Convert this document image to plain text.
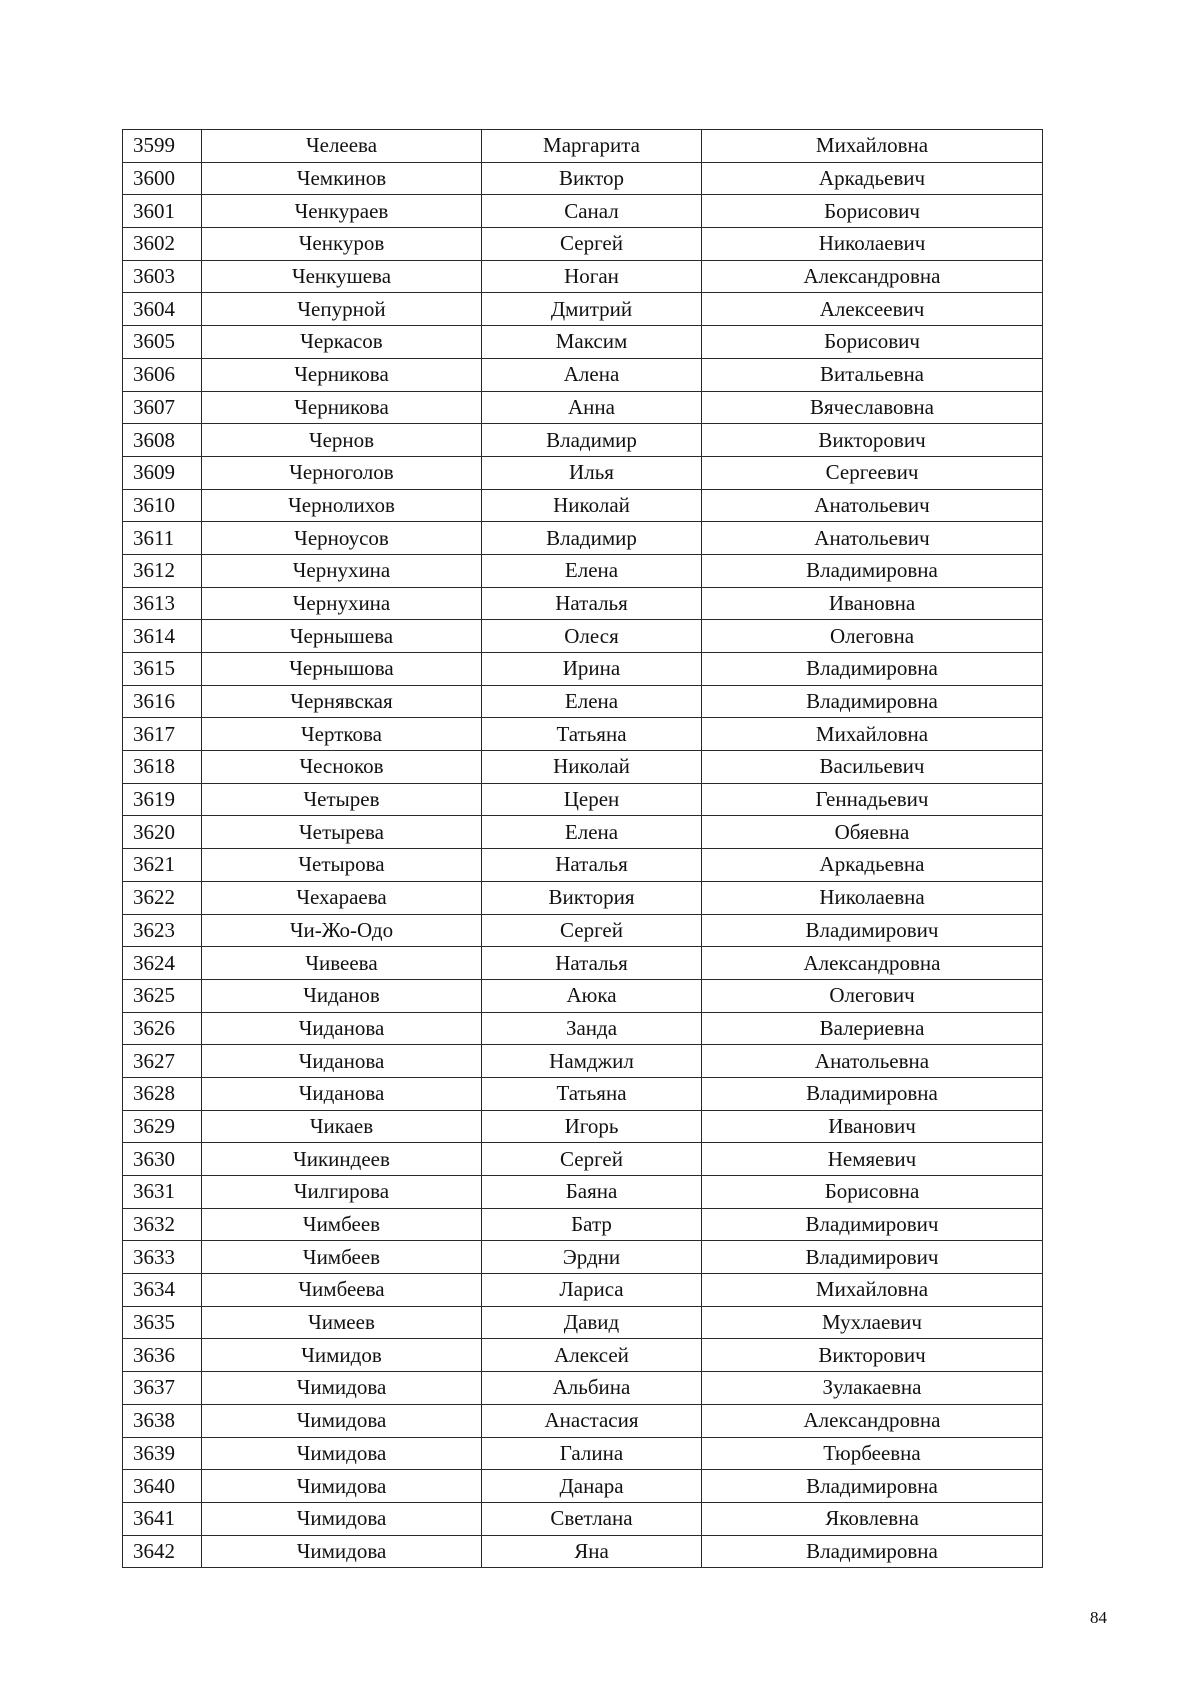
3599	Челеева	Маргарита	Михайловна
3600	Чемкинов	Виктор	Аркадьевич
3601	Ченкураев	Санал	Борисович
3602	Ченкуров	Сергей	Николаевич
3603	Ченкушева	Ноган	Александровна
3604	Чепурной	Дмитрий	Алексеевич
3605	Черкасов	Максим	Борисович
3606	Черникова	Алена	Витальевна
3607	Черникова	Анна	Вячеславовна
3608	Чернов	Владимир	Викторович
3609	Черноголов	Илья	Сергеевич
3610	Чернолихов	Николай	Анатольевич
3611	Черноусов	Владимир	Анатольевич
3612	Чернухина	Елена	Владимировна
3613	Чернухина	Наталья	Ивановна
3614	Чернышева	Олеся	Олеговна
3615	Чернышова	Ирина	Владимировна
3616	Чернявская	Елена	Владимировна
3617	Черткова	Татьяна	Михайловна
3618	Чесноков	Николай	Васильевич
3619	Четырев	Церен	Геннадьевич
3620	Четырева	Елена	Обяевна
3621	Четырова	Наталья	Аркадьевна
3622	Чехараева	Виктория	Николаевна
3623	Чи-Жо-Одо	Сергей	Владимирович
3624	Чивеева	Наталья	Александровна
3625	Чиданов	Аюка	Олегович
3626	Чиданова	Занда	Валериевна
3627	Чиданова	Намджил	Анатольевна
3628	Чиданова	Татьяна	Владимировна
3629	Чикаев	Игорь	Иванович
3630	Чикиндеев	Сергей	Немяевич
3631	Чилгирова	Баяна	Борисовна
3632	Чимбеев	Батр	Владимирович
3633	Чимбеев	Эрдни	Владимирович
3634	Чимбеева	Лариса	Михайловна
3635	Чимеев	Давид	Мухлаевич
3636	Чимидов	Алексей	Викторович
3637	Чимидова	Альбина	Зулакаевна
3638	Чимидова	Анастасия	Александровна
3639	Чимидова	Галина	Тюрбеевна
3640	Чимидова	Данара	Владимировна
3641	Чимидова	Светлана	Яковлевна
3642	Чимидова	Яна	Владимировна
84
